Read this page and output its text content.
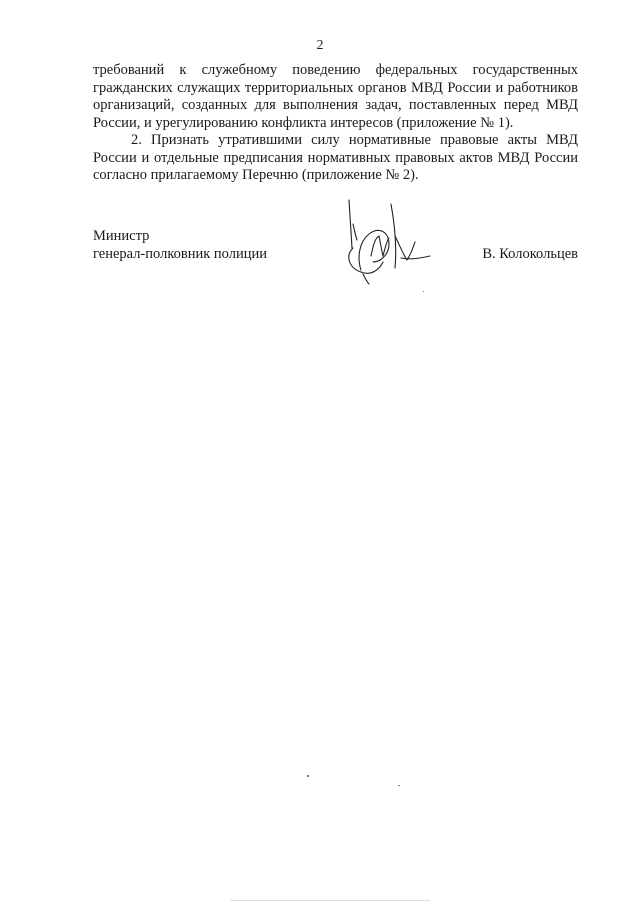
2

требований к служебному поведению федеральных государственных гражданских служащих территориальных органов МВД России и работников организаций, созданных для выполнения задач, поставленных перед МВД России, и урегулированию конфликта интересов (приложение № 1).

2. Признать утратившими силу нормативные правовые акты МВД России и отдельные предписания нормативных правовых актов МВД России согласно прилагаемому Перечню (приложение № 2).

Министр
генерал-полковник полиции	В. Колокольцев
